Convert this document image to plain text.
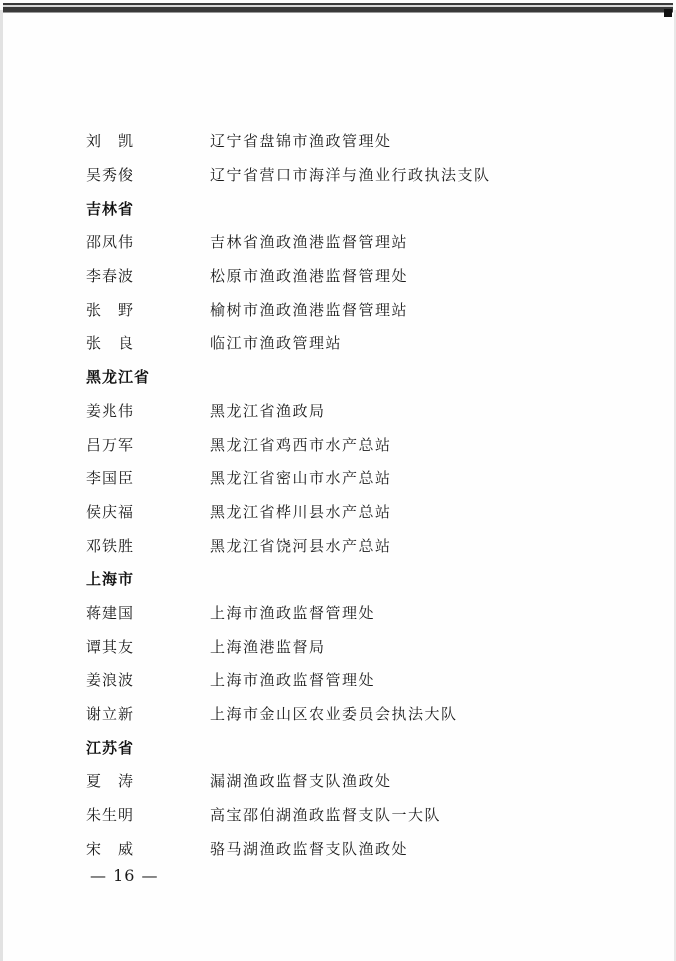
刘　凯	辽宁省盘锦市渔政管理处
吴秀俊	辽宁省营口市海洋与渔业行政执法支队
吉林省
邵凤伟	吉林省渔政渔港监督管理站
李春波	松原市渔政渔港监督管理处
张　野	榆树市渔政渔港监督管理站
张　良	临江市渔政管理站
黑龙江省
姜兆伟	黑龙江省渔政局
吕万军	黑龙江省鸡西市水产总站
李国臣	黑龙江省密山市水产总站
侯庆福	黑龙江省桦川县水产总站
邓铁胜	黑龙江省饶河县水产总站
上海市
蒋建国	上海市渔政监督管理处
谭其友	上海渔港监督局
姜浪波	上海市渔政监督管理处
谢立新	上海市金山区农业委员会执法大队
江苏省
夏　涛	漏湖渔政监督支队渔政处
朱生明	高宝邵伯湖渔政监督支队一大队
宋　威	骆马湖渔政监督支队渔政处
— 16 —
